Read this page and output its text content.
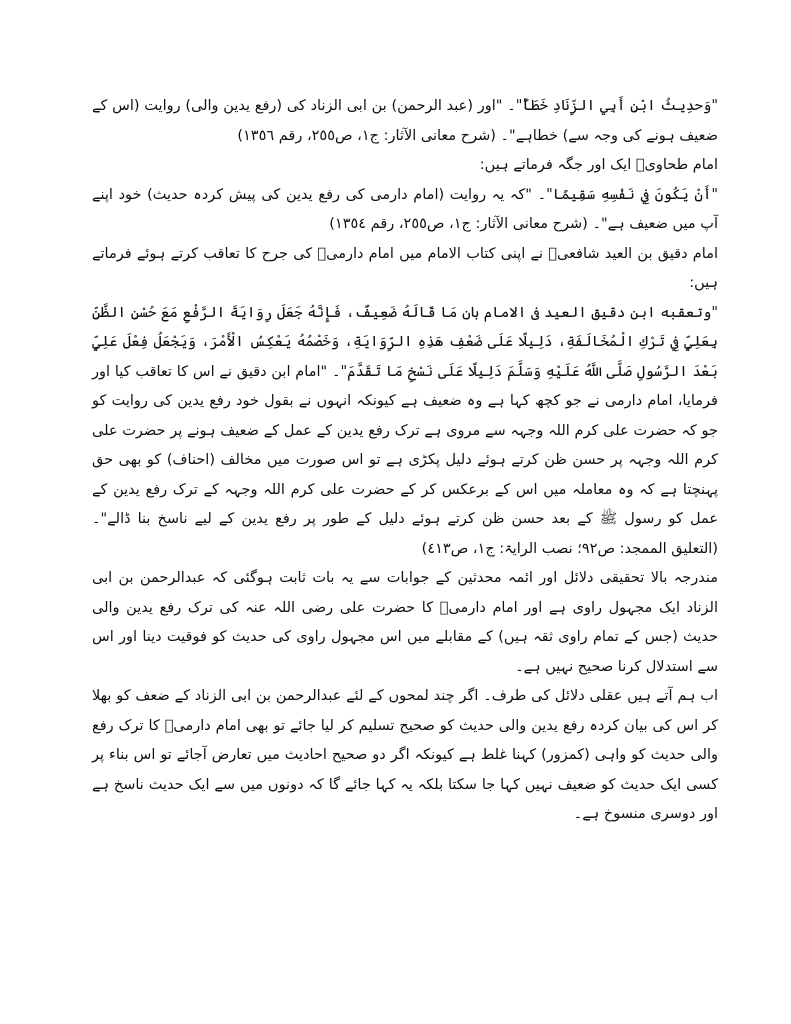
"وَحدِيثُ ابْنِ أَبِي الزِّنَادِ خَطَأٌ"۔ "اور (عبد الرحمن) بن ابی الزناد کی (رفع یدین والی) روایت (اس کے ضعیف ہونے کی وجہ سے) خطاہے"۔ (شرح معانی الآثار: ج١، ص٢٥٥، رقم ١٣٥٦)

امام طحاویؒ ایک اور جگہ فرماتے ہیں:

"أَنْ يَكُونَ فِي نَفْسِهِ سَقِيمًا"۔ "کہ یہ روایت (امام دارمی کی رفع یدین کی پیش کردہ حدیث) خود اپنے آپ میں ضعیف ہے"۔ (شرح معانی الآثار: ج١، ص٢٥٥، رقم ١٣٥٤)

امام دقیق بن العید شافعیؒ نے اپنی کتاب الامام میں امام دارمیؒ کی جرح کا تعاقب کرتے ہوئے فرماتے ہیں:

"وتعقبه ابن دقيق العيد فی الامام بان مَا قَالَهُ ضَعِيفٌ، فَإِنَّهُ جَعَلَ رِوَايَةَ الرَّفْعِ مَعَ حُسْنِ الظَّنِّ بِعَلِيٍّ فِي تَرْكِ الْمُخَالَفَةِ، دَلِيلًا عَلَى ضَعْفِ هَذِهِ الرِّوَايَةِ، وَخَصْمُهُ يَعْكِسُ الْأَمْرَ، وَيَجْعَلُ فِعْلَ عَلِيٍّ بَعْدَ الرَّسُولِ صَلَّى اللَّهُ عَلَيْهِ وَسَلَّمَ دَلِيلًا عَلَى نَسْخِ مَا تَقَدَّمَ"۔ "امام ابن دقیق نے اس کا تعاقب کیا اور فرمایا، امام دارمی نے جو کچھ کہا ہے وہ ضعیف ہے کیونکہ انہوں نے بقول خود رفع یدین کی روایت کو جو کہ حضرت علی کرم اللہ وجہہ سے مروی ہے ترک رفع یدین کے عمل کے ضعیف ہونے پر حضرت علی کرم اللہ وجہہ پر حسن ظن کرتے ہوئے دلیل پکڑی ہے تو اس صورت میں مخالف (احناف) کو بھی حق پہنچتا ہے کہ وہ معاملہ میں اس کے برعکس کر کے حضرت علی کرم اللہ وجہہ کے ترک رفع یدین کے عمل کو رسول ﷺ کے بعد حسن ظن کرتے ہوئے دلیل کے طور پر رفع یدین کے لیے ناسخ بنا ڈالے"۔ (التعلیق الممجد: ص٩٢؛ نصب الرایۃ: ج١، ص٤١٣)

مندرجہ بالا تحقیقی دلائل اور ائمہ محدثین کے جوابات سے یہ بات ثابت ہوگئی کہ عبدالرحمن بن ابی الزناد ایک مجہول راوی ہے اور امام دارمیؒ کا حضرت علی رضی اللہ عنہ کی ترک رفع یدین والی حدیث (جس کے تمام راوی ثقہ ہیں) کے مقابلے میں اس مجہول راوی کی حدیث کو فوقیت دینا اور اس سے استدلال کرنا صحیح نہیں ہے۔

اب ہم آتے ہیں عقلی دلائل کی طرف۔ اگر چند لمحوں کے لئے عبدالرحمن بن ابی الزناد کے ضعف کو بھلا کر اس کی بیان کردہ رفع یدین والی حدیث کو صحیح تسلیم کر لیا جائے تو بھی امام دارمیؒ کا ترک رفع والی حدیث کو واہی (کمزور) کہنا غلط ہے کیونکہ اگر دو صحیح احادیث میں تعارض آجائے تو اس بناء پر کسی ایک حدیث کو ضعیف نہیں کہا جا سکتا بلکہ یہ کہا جائے گا کہ دونوں میں سے ایک حدیث ناسخ ہے اور دوسری منسوخ ہے۔
